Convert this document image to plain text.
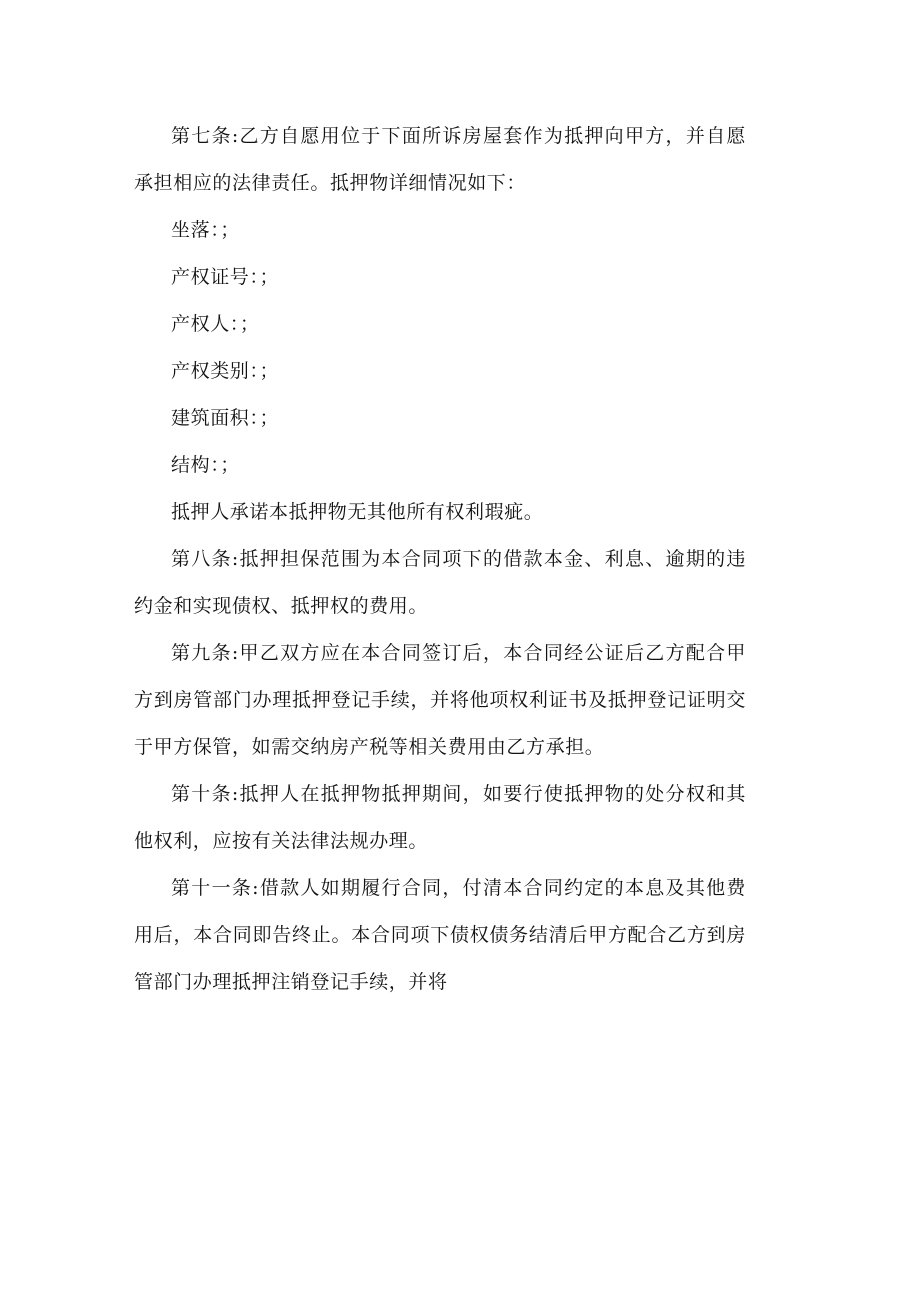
第七条:乙方自愿用位于下面所诉房屋套作为抵押向甲方，并自愿承担相应的法律责任。抵押物详细情况如下：

坐落：；

产权证号：；

产权人：；

产权类别：；

建筑面积：；

结构：；

抵押人承诺本抵押物无其他所有权利瑕疵。

第八条:抵押担保范围为本合同项下的借款本金、利息、逾期的违约金和实现债权、抵押权的费用。

第九条:甲乙双方应在本合同签订后，本合同经公证后乙方配合甲方到房管部门办理抵押登记手续，并将他项权利证书及抵押登记证明交于甲方保管，如需交纳房产税等相关费用由乙方承担。

第十条:抵押人在抵押物抵押期间，如要行使抵押物的处分权和其他权利，应按有关法律法规办理。

第十一条:借款人如期履行合同，付清本合同约定的本息及其他费用后，本合同即告终止。本合同项下债权债务结清后甲方配合乙方到房管部门办理抵押注销登记手续，并将
